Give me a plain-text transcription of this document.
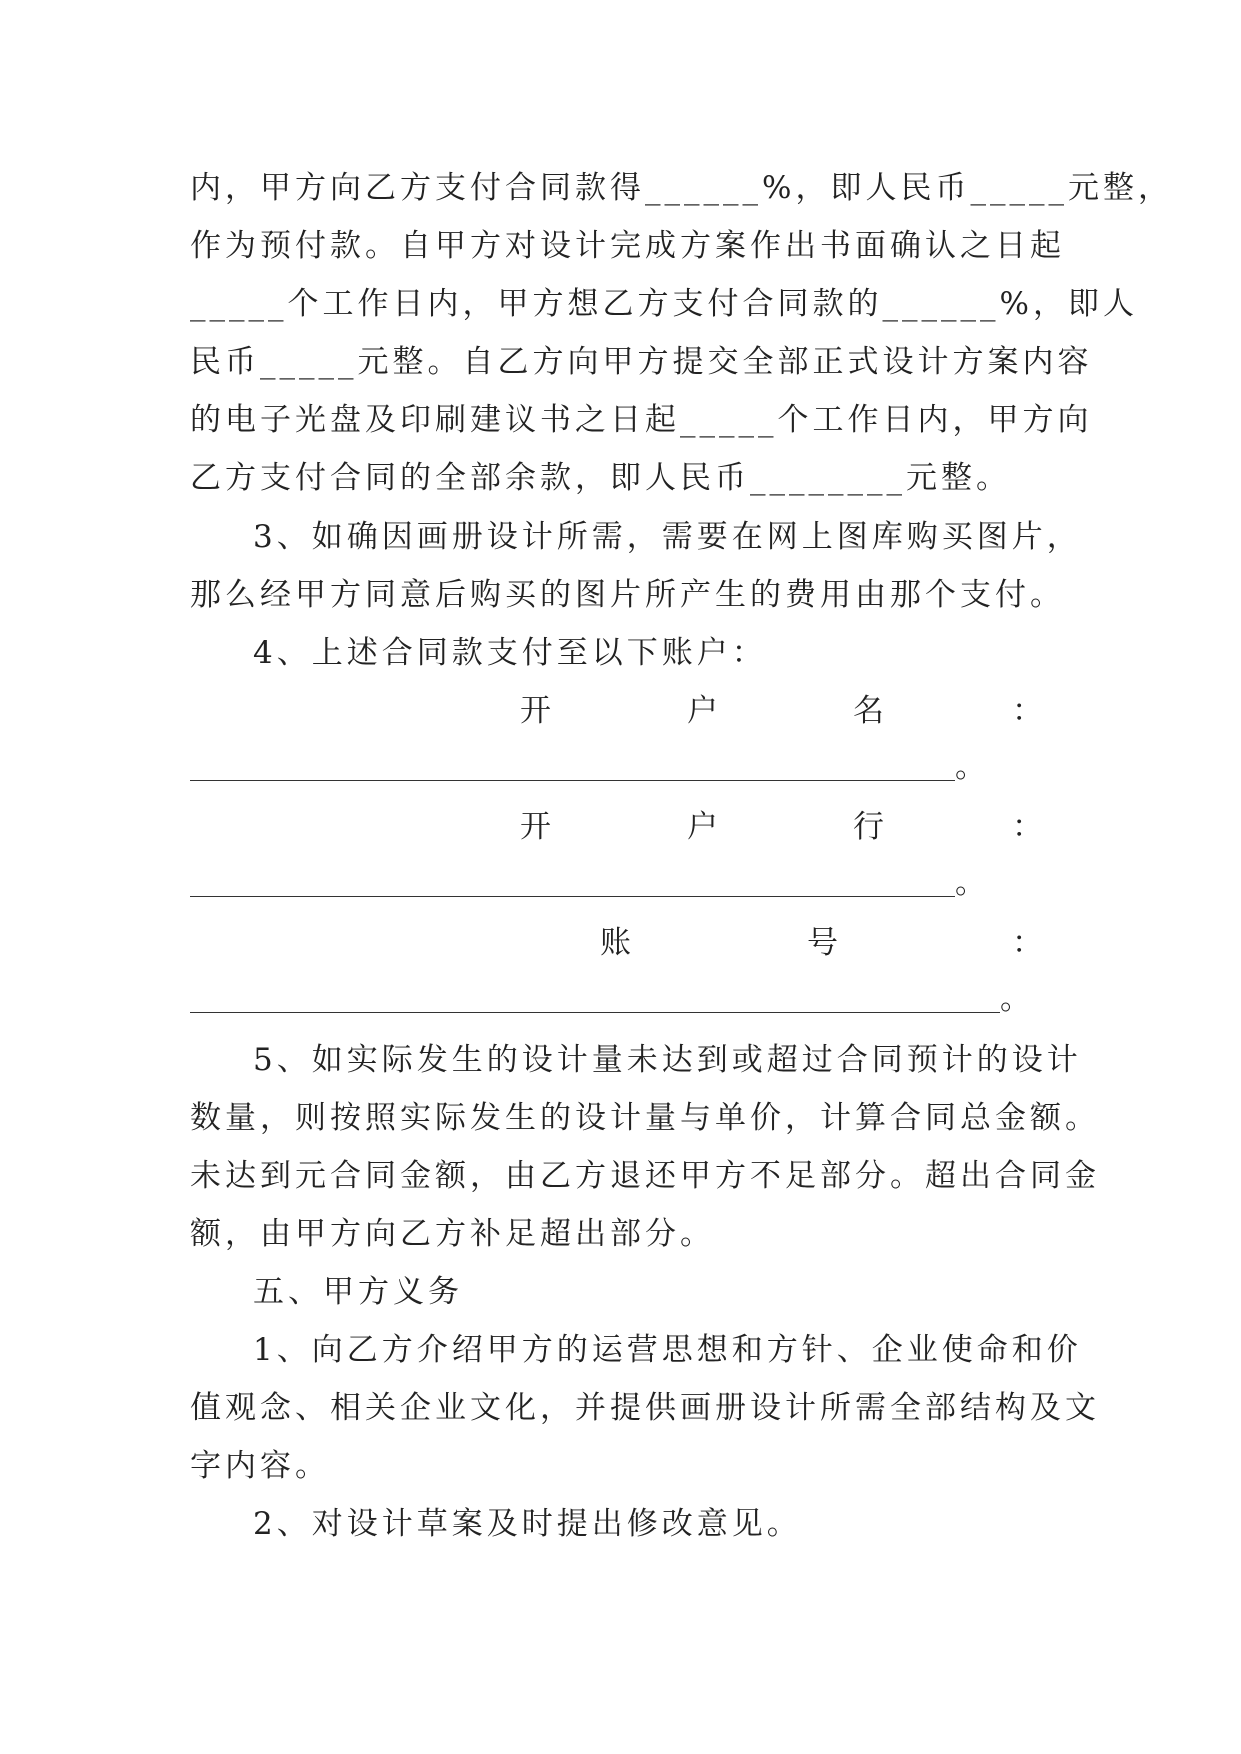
内，甲方向乙方支付合同款得______%，即人民币_____元整，
作为预付款。自甲方对设计完成方案作出书面确认之日起
_____个工作日内，甲方想乙方支付合同款的______%，即人
民币_____元整。自乙方向甲方提交全部正式设计方案内容
的电子光盘及印刷建议书之日起_____个工作日内，甲方向
乙方支付合同的全部余款，即人民币________元整。
3、如确因画册设计所需，需要在网上图库购买图片，
那么经甲方同意后购买的图片所产生的费用由那个支付。
4、上述合同款支付至以下账户：
开	户	名	：
。
开	户	行	：
。
账	号	：
。
5、如实际发生的设计量未达到或超过合同预计的设计
数量，则按照实际发生的设计量与单价，计算合同总金额。
未达到元合同金额，由乙方退还甲方不足部分。超出合同金
额，由甲方向乙方补足超出部分。
五、甲方义务
1、向乙方介绍甲方的运营思想和方针、企业使命和价
值观念、相关企业文化，并提供画册设计所需全部结构及文
字内容。
2、对设计草案及时提出修改意见。
